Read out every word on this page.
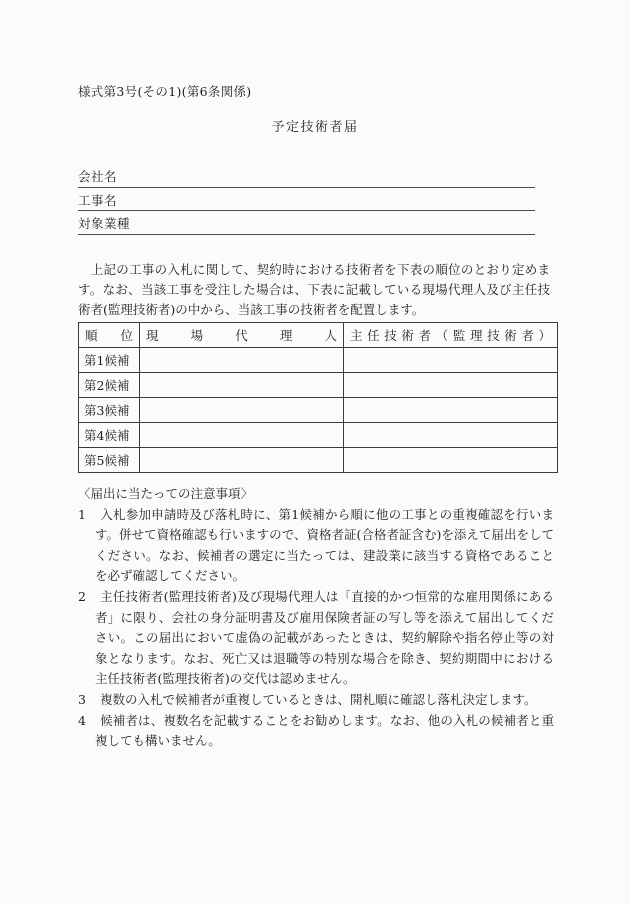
様式第3号(その1)(第6条関係)
予定技術者届
会社名
工事名
対象業種
　上記の工事の入札に関して、契約時における技術者を下表の順位のとおり定めます。なお、当該工事を受注した場合は、下表に記載している現場代理人及び主任技術者(監理技術者)の中から、当該工事の技術者を配置します。
順位	現場代理人	主任技術者（監理技術者）
第1候補		
第2候補		
第3候補		
第4候補		
第5候補		
〈届出に当たっての注意事項〉
1 入札参加申請時及び落札時に、第1候補から順に他の工事との重複確認を行います。併せて資格確認も行いますので、資格者証(合格者証含む)を添えて届出をしてください。なお、候補者の選定に当たっては、建設業に該当する資格であることを必ず確認してください。
2 主任技術者(監理技術者)及び現場代理人は「直接的かつ恒常的な雇用関係にある者」に限り、会社の身分証明書及び雇用保険者証の写し等を添えて届出してください。この届出において虚偽の記載があったときは、契約解除や指名停止等の対象となります。なお、死亡又は退職等の特別な場合を除き、契約期間中における主任技術者(監理技術者)の交代は認めません。
3 複数の入札で候補者が重複しているときは、開札順に確認し落札決定します。
4 候補者は、複数名を記載することをお勧めします。なお、他の入札の候補者と重複しても構いません。
